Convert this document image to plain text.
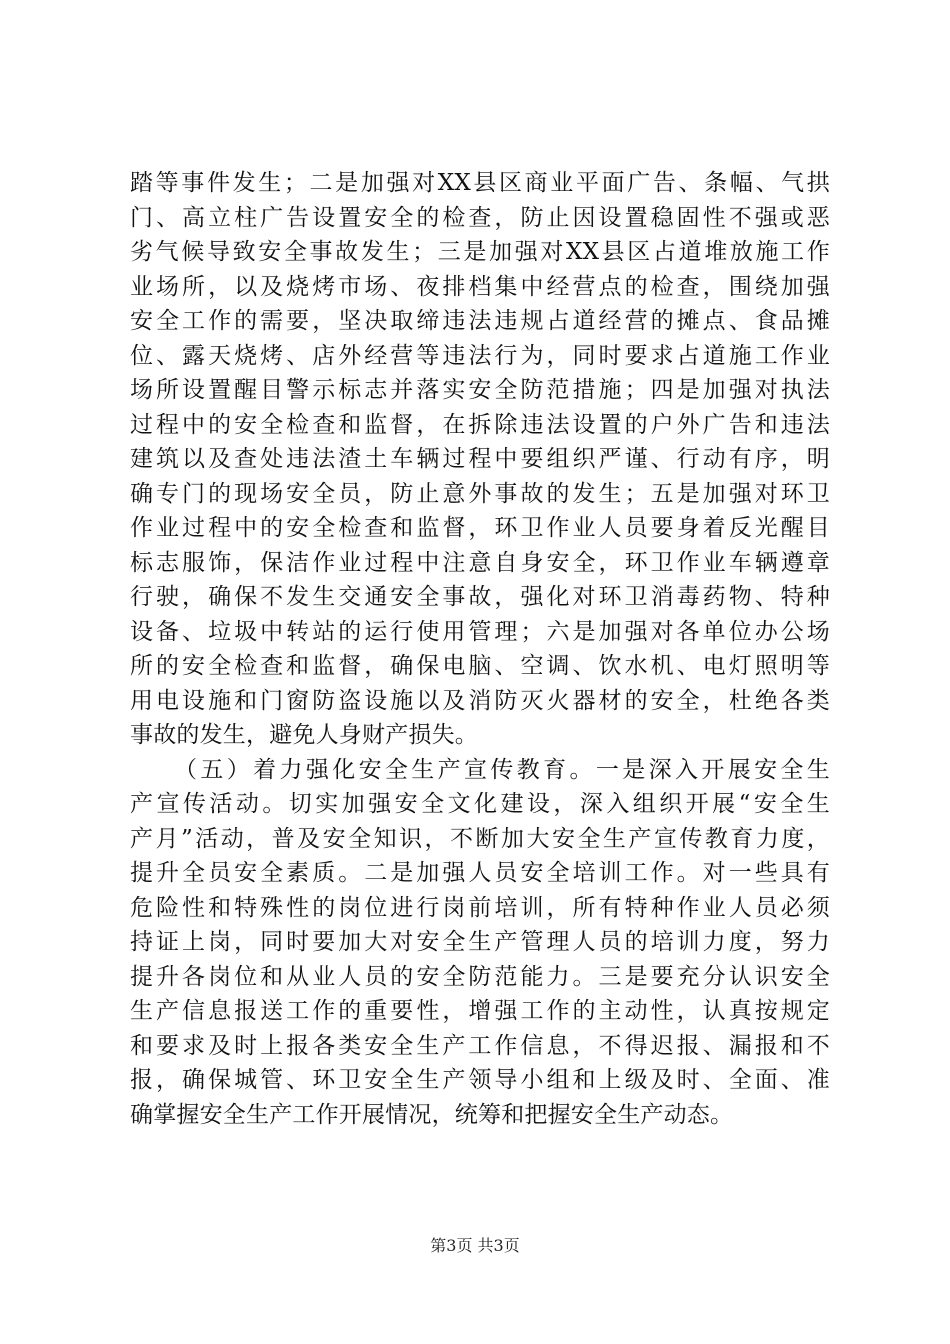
踏等事件发生；二是加强对XX县区商业平面广告、条幅、气拱
门、高立柱广告设置安全的检查，防止因设置稳固性不强或恶
劣气候导致安全事故发生；三是加强对XX县区占道堆放施工作
业场所，以及烧烤市场、夜排档集中经营点的检查，围绕加强
安全工作的需要，坚决取缔违法违规占道经营的摊点、食品摊
位、露天烧烤、店外经营等违法行为，同时要求占道施工作业
场所设置醒目警示标志并落实安全防范措施；四是加强对执法
过程中的安全检查和监督，在拆除违法设置的户外广告和违法
建筑以及查处违法渣土车辆过程中要组织严谨、行动有序，明
确专门的现场安全员，防止意外事故的发生；五是加强对环卫
作业过程中的安全检查和监督，环卫作业人员要身着反光醒目
标志服饰，保洁作业过程中注意自身安全，环卫作业车辆遵章
行驶，确保不发生交通安全事故，强化对环卫消毒药物、特种
设备、垃圾中转站的运行使用管理；六是加强对各单位办公场
所的安全检查和监督，确保电脑、空调、饮水机、电灯照明等
用电设施和门窗防盗设施以及消防灭火器材的安全，杜绝各类
事故的发生，避免人身财产损失。
（五）着力强化安全生产宣传教育。一是深入开展安全生
产宣传活动。切实加强安全文化建设，深入组织开展“安全生
产月”活动，普及安全知识，不断加大安全生产宣传教育力度，
提升全员安全素质。二是加强人员安全培训工作。对一些具有
危险性和特殊性的岗位进行岗前培训，所有特种作业人员必须
持证上岗，同时要加大对安全生产管理人员的培训力度，努力
提升各岗位和从业人员的安全防范能力。三是要充分认识安全
生产信息报送工作的重要性，增强工作的主动性，认真按规定
和要求及时上报各类安全生产工作信息，不得迟报、漏报和不
报，确保城管、环卫安全生产领导小组和上级及时、全面、准
确掌握安全生产工作开展情况，统筹和把握安全生产动态。
第3页 共3页
